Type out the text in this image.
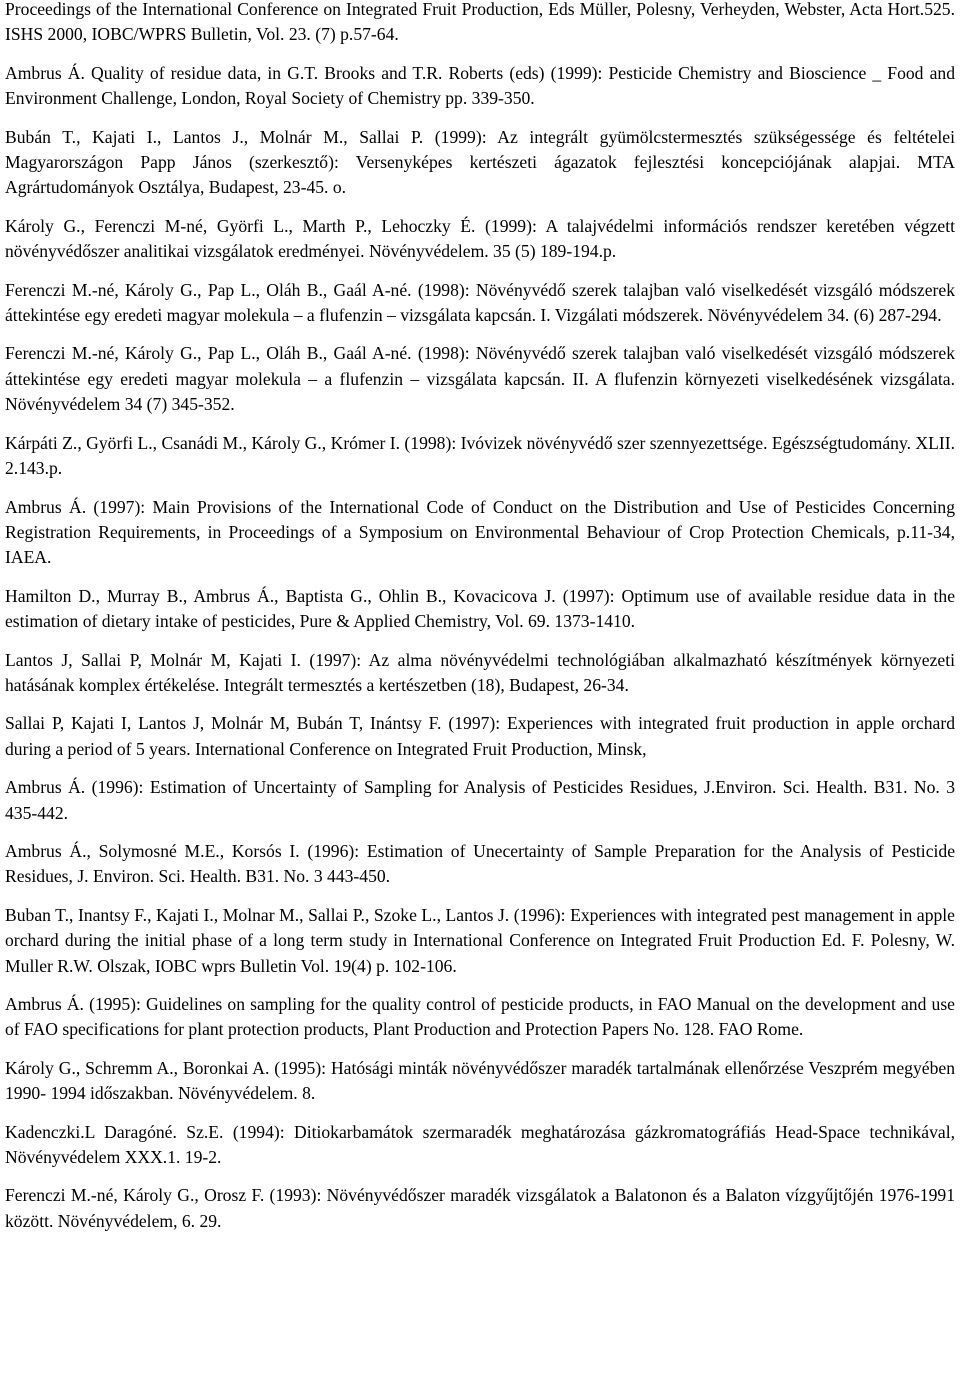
Proceedings of the International Conference on Integrated Fruit Production, Eds Müller, Polesny, Verheyden, Webster, Acta Hort.525. ISHS 2000, IOBC/WPRS Bulletin, Vol. 23. (7) p.57-64.

Ambrus Á. Quality of residue data, in G.T. Brooks and T.R. Roberts (eds) (1999): Pesticide Chemistry and Bioscience _ Food and Environment Challenge, London, Royal Society of Chemistry pp. 339-350.

Bubán T., Kajati I., Lantos J., Molnár M., Sallai P. (1999): Az integrált gyümölcstermesztés szükségessége és feltételei Magyarországon Papp János (szerkesztő): Versenyképes kertészeti ágazatok fejlesztési koncepciójának alapjai. MTA Agrártudományok Osztálya, Budapest, 23-45. o.

Károly G., Ferenczi M-né, Györfi L., Marth P., Lehoczky É. (1999): A talajvédelmi információs rendszer keretében végzett növényvédőszer analitikai vizsgálatok eredményei. Növényvédelem. 35 (5) 189-194.p.

Ferenczi M.-né, Károly G., Pap L., Oláh B., Gaál A-né. (1998): Növényvédő szerek talajban való viselkedését vizsgáló módszerek áttekintése egy eredeti magyar molekula – a flufenzin – vizsgálata kapcsán. I. Vizgálati módszerek. Növényvédelem 34. (6) 287-294.

Ferenczi M.-né, Károly G., Pap L., Oláh B., Gaál A-né. (1998): Növényvédő szerek talajban való viselkedését vizsgáló módszerek áttekintése egy eredeti magyar molekula – a flufenzin – vizsgálata kapcsán. II. A flufenzin környezeti viselkedésének vizsgálata. Növényvédelem 34 (7) 345-352.

Kárpáti Z., Györfi L., Csanádi M., Károly G., Krómer I. (1998): Ivóvizek növényvédő szer szennyezettsége. Egészségtudomány. XLII. 2.143.p.

Ambrus Á. (1997): Main Provisions of the International Code of Conduct on the Distribution and Use of Pesticides Concerning Registration Requirements, in Proceedings of a Symposium on Environmental Behaviour of Crop Protection Chemicals, p.11-34, IAEA.

Hamilton D., Murray B., Ambrus Á., Baptista G., Ohlin B., Kovacicova J. (1997): Optimum use of available residue data in the estimation of dietary intake of pesticides, Pure & Applied Chemistry, Vol. 69. 1373-1410.

Lantos J, Sallai P, Molnár M, Kajati I. (1997): Az alma növényvédelmi technológiában alkalmazható készítmények környezeti hatásának komplex értékelése. Integrált termesztés a kertészetben (18), Budapest, 26-34.

Sallai P, Kajati I, Lantos J, Molnár M, Bubán T, Inántsy F. (1997): Experiences with integrated fruit production in apple orchard during a period of 5 years. International Conference on Integrated Fruit Production, Minsk,

Ambrus Á. (1996): Estimation of Uncertainty of Sampling for Analysis of Pesticides Residues, J.Environ. Sci. Health. B31. No. 3 435-442.

Ambrus Á., Solymosné M.E., Korsós I. (1996): Estimation of Unecertainty of Sample Preparation for the Analysis of Pesticide Residues, J. Environ. Sci. Health. B31. No. 3 443-450.

Buban T., Inantsy F., Kajati I., Molnar M., Sallai P., Szoke L., Lantos J. (1996): Experiences with integrated pest management in apple orchard during the initial phase of a long term study in International Conference on Integrated Fruit Production Ed. F. Polesny, W. Muller R.W. Olszak, IOBC wprs Bulletin Vol. 19(4) p. 102-106.

Ambrus Á. (1995): Guidelines on sampling for the quality control of pesticide products, in FAO Manual on the development and use of FAO specifications for plant protection products, Plant Production and Protection Papers No. 128. FAO Rome.

Károly G., Schremm A., Boronkai A. (1995): Hatósági minták növényvédőszer maradék tartalmának ellenőrzése Veszprém megyében 1990- 1994 időszakban. Növényvédelem. 8.

Kadenczki.L Daragóné. Sz.E. (1994): Ditiokarbamátok szermaradék meghatározása gázkromatográfiás Head-Space technikával, Növényvédelem XXX.1. 19-2.

Ferenczi M.-né, Károly G., Orosz F. (1993): Növényvédőszer maradék vizsgálatok a Balatonon és a Balaton vízgyűjtőjén 1976-1991 között. Növényvédelem, 6. 29.
